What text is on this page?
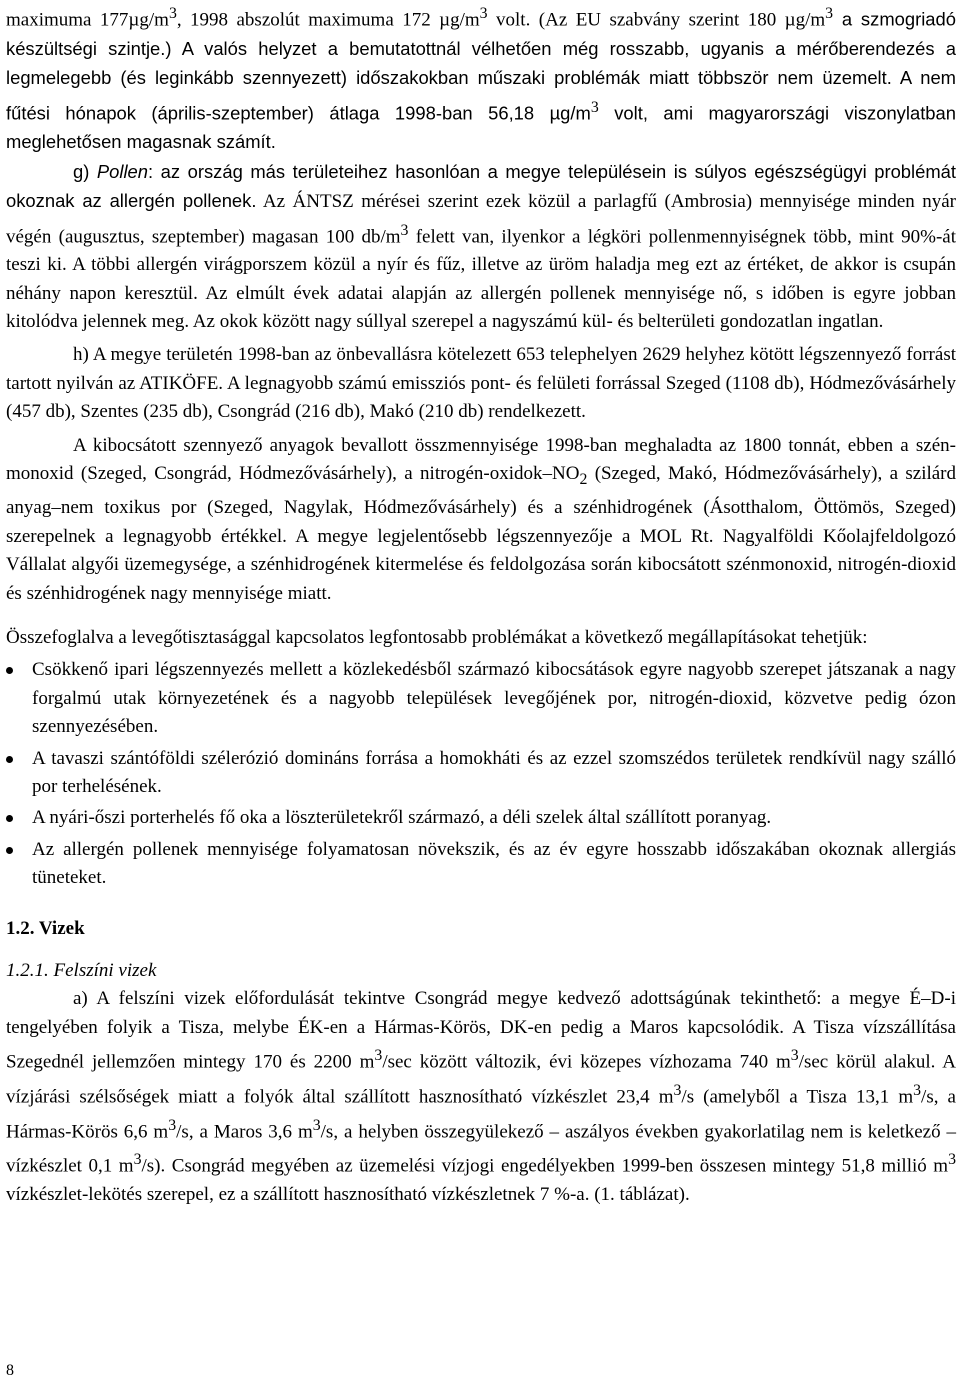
maximuma $177\mu g/m^3$, 1998 abszolút maximuma 172 $\mu g/m^3$ volt. (Az EU szabvány szerint 180 $\mu g/m^3$ a szmogriadó készültségi szintje.) A valós helyzet a bemutatottnál vélhetően még rosszabb, ugyanis a mérőberendezés a legmelegebb (és leginkább szennyezett) időszakokban műszaki problémák miatt többször nem üzemelt. A nem fűtési hónapok (április-szeptember) átlaga 1998-ban 56,18 $\mu g/m^3$ volt, ami magyarországi viszonylatban meglehetősen magasnak számít.

g) Pollen: az ország más területeihez hasonlóan a megye településein is súlyos egészségügyi problémát okoznak az allergén pollenek. Az ÁNTSZ mérései szerint ezek közül a parlagfű (Ambrosia) mennyisége minden nyár végén (augusztus, szeptember) magasan 100 $db/m^3$ felett van, ilyenkor a légköri pollenmennyiségnek több, mint 90%-át teszi ki. A többi allergén virágporszem közül a nyír és fűz, illetve az üröm haladja meg ezt az értéket, de akkor is csupán néhány napon keresztül. Az elmúlt évek adatai alapján az allergén pollenek mennyisége nő, s időben is egyre jobban kitolódva jelennek meg. Az okok között nagy súllyal szerepel a nagyszámú kül- és belterületi gondozatlan ingatlan.

h) A megye területén 1998-ban az önbevallásra kötelezett 653 telephelyen 2629 helyhez kötött légszennyező forrást tartott nyilván az ATIKÖFE. A legnagyobb számú emissziós pont- és felületi forrással Szeged (1108 db), Hódmezővásárhely (457 db), Szentes (235 db), Csongrád (216 db), Makó (210 db) rendelkezett.

A kibocsátott szennyező anyagok bevallott összmennyisége 1998-ban meghaladta az 1800 tonnát, ebben a szén-monoxid (Szeged, Csongrád, Hódmezővásárhely), a nitrogén-$oxidok-NO_2$ (Szeged, Makó, Hódmezővásárhely), a szilárd anyag–nem toxikus por (Szeged, Nagylak, Hódmezővásárhely) és a szénhidrogének (Ásotthalom, Öttömös, Szeged) szerepelnek a legnagyobb értékkel. A megye legjelentősebb légszennyezője a MOL Rt. Nagyalföldi Kőolajfeldolgozó Vállalat algyői üzemegysége, a szénhidrogének kitermelése és feldolgozása során kibocsátott szénmonoxid, nitrogén-dioxid és szénhidrogének nagy mennyisége miatt.

Összefoglalva a levegőtisztasággal kapcsolatos legfontosabb problémákat a következő megállapításokat tehetjük:

Csökkenő ipari légszennyezés mellett a közlekedésből származó kibocsátások egyre nagyobb szerepet játszanak a nagy forgalmú utak környezetének és a nagyobb települések levegőjének por, nitrogén-dioxid, közvetve pedig ózon szennyezésében.
A tavaszi szántóföldi szélerózió domináns forrása a homokháti és az ezzel szomszédos területek rendkívül nagy szálló por terhelésének.
A nyári-őszi porterhelés fő oka a löszterületekről származó, a déli szelek által szállított poranyag.
Az allergén pollenek mennyisége folyamatosan növekszik, és az év egyre hosszabb időszakában okoznak allergiás tüneteket.
1.2. Vizek
1.2.1. Felszíni vizek

a) A felszíni vizek előfordulását tekintve Csongrád megye kedvező adottságúnak tekinthető: a megye É–D-i tengelyében folyik a Tisza, melybe ÉK-en a Hármas-Körös, DK-en pedig a Maros kapcsolódik. A Tisza vízszállítása Szegednél jellemzően mintegy 170 és 2200 $m^3/\sec$ között változik, évi közepes vízhozama 740 $m^3/\sec$ körül alakul. A vízjárási szélsőségek miatt a folyók által szállított hasznosítható vízkészlet 23,4 $m^3/s$ (amelyből a Tisza 13,1 $m^3/s$, a Hármas-Körös 6,6 $m^3/s$, a Maros 3,6 $m^3/s$, a helyben összegyülekező – aszályos években gyakorlatilag nem is keletkező – vízkészlet 0,1 $m^3/s$). Csongrád megyében az üzemelési vízjogi engedélyekben 1999-ben összesen mintegy 51,8 millió $m^3$ vízkészlet-lekötés szerepel, ez a szállított hasznosítható vízkészletnek 7 %-a. (1. táblázat).

8
